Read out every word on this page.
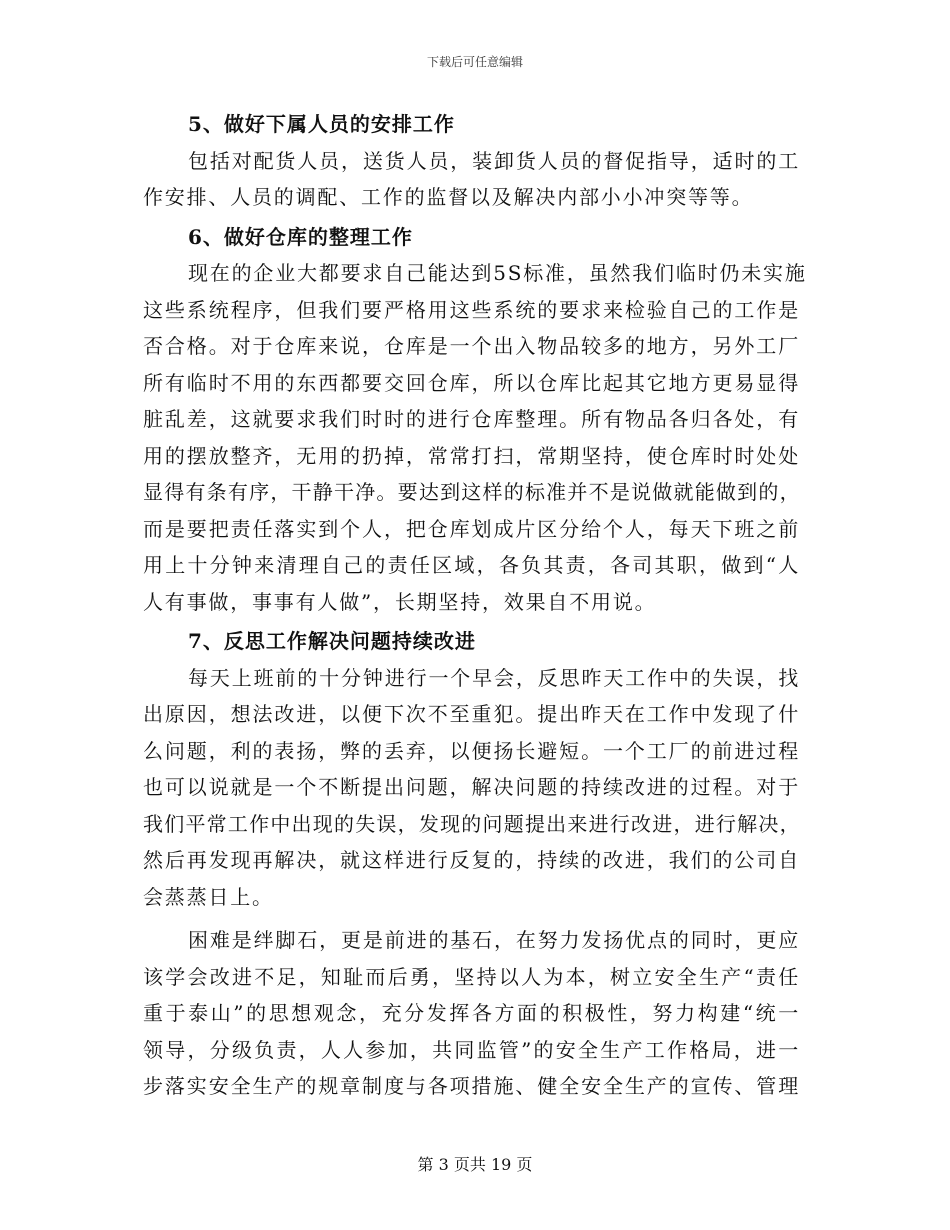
下载后可任意编辑
5、做好下属人员的安排工作
包括对配货人员，送货人员，装卸货人员的督促指导，适时的工
作安排、人员的调配、工作的监督以及解决内部小小冲突等等。
6、做好仓库的整理工作
现在的企业大都要求自己能达到5S标准，虽然我们临时仍未实施
这些系统程序，但我们要严格用这些系统的要求来检验自己的工作是
否合格。对于仓库来说，仓库是一个出入物品较多的地方，另外工厂
所有临时不用的东西都要交回仓库，所以仓库比起其它地方更易显得
脏乱差，这就要求我们时时的进行仓库整理。所有物品各归各处，有
用的摆放整齐，无用的扔掉，常常打扫，常期坚持，使仓库时时处处
显得有条有序，干静干净。要达到这样的标准并不是说做就能做到的，
而是要把责任落实到个人，把仓库划成片区分给个人，每天下班之前
用上十分钟来清理自己的责任区域，各负其责，各司其职，做到“人
人有事做，事事有人做”，长期坚持，效果自不用说。
7、反思工作解决问题持续改进
每天上班前的十分钟进行一个早会，反思昨天工作中的失误，找
出原因，想法改进，以便下次不至重犯。提出昨天在工作中发现了什
么问题，利的表扬，弊的丢弃，以便扬长避短。一个工厂的前进过程
也可以说就是一个不断提出问题，解决问题的持续改进的过程。对于
我们平常工作中出现的失误，发现的问题提出来进行改进，进行解决，
然后再发现再解决，就这样进行反复的，持续的改进，我们的公司自
会蒸蒸日上。
困难是绊脚石，更是前进的基石，在努力发扬优点的同时，更应
该学会改进不足，知耻而后勇，坚持以人为本，树立安全生产“责任
重于泰山”的思想观念，充分发挥各方面的积极性，努力构建“统一
领导，分级负责，人人参加，共同监管”的安全生产工作格局，进一
步落实安全生产的规章制度与各项措施、健全安全生产的宣传、管理
第 3 页共 19 页
